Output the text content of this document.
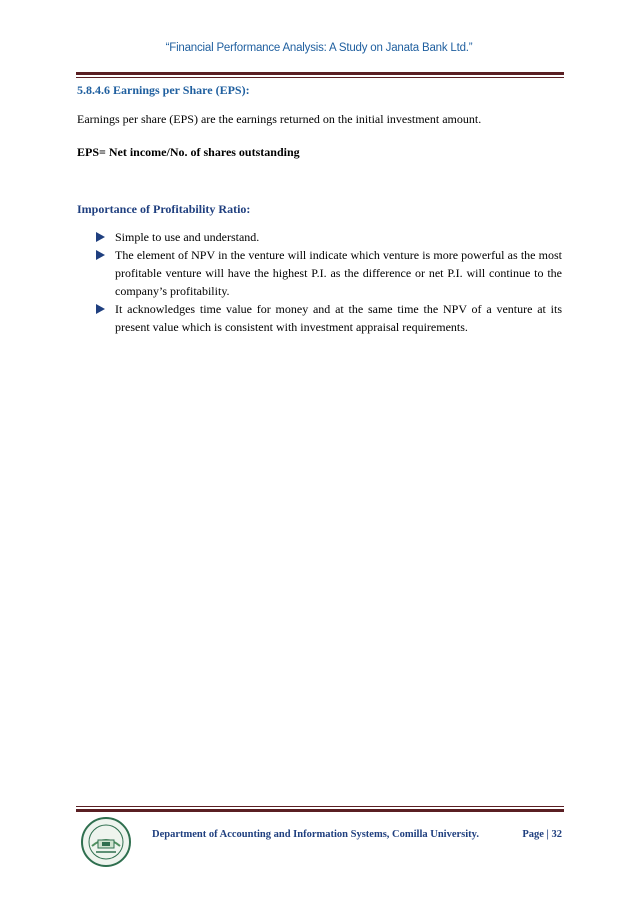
“Financial Performance Analysis: A Study on Janata Bank Ltd.”
5.8.4.6 Earnings per Share (EPS):
Earnings per share (EPS) are the earnings returned on the initial investment amount.
EPS= Net income/No. of shares outstanding
Importance of Profitability Ratio:
Simple to use and understand.
The element of NPV in the venture will indicate which venture is more powerful as the most profitable venture will have the highest P.I. as the difference or net P.I. will continue to the company’s profitability.
It acknowledges time value for money and at the same time the NPV of a venture at its present value which is consistent with investment appraisal requirements.
Department of Accounting and Information Systems, Comilla University.	Page | 32
